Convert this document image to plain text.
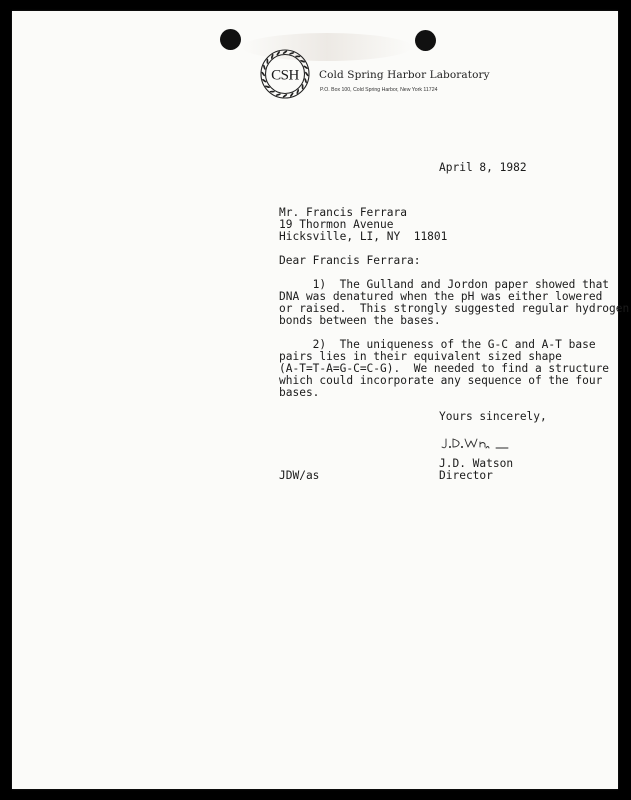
CSH Cold Spring Harbor Laboratory
P.O. Box 100, Cold Spring Harbor, New York 11724
April 8, 1982
Mr. Francis Ferrara
19 Thormon Avenue
Hicksville, LI, NY  11801
Dear Francis Ferrara:
1)  The Gulland and Jordon paper showed that
DNA was denatured when the pH was either lowered
or raised.  This strongly suggested regular hydrogen
bonds between the bases.
2)  The uniqueness of the G-C and A-T base
pairs lies in their equivalent sized shape
(A-T=T-A=G-C=C-G).  We needed to find a structure
which could incorporate any sequence of the four
bases.
Yours sincerely,
J.D. Watson
JDW/as	Director
